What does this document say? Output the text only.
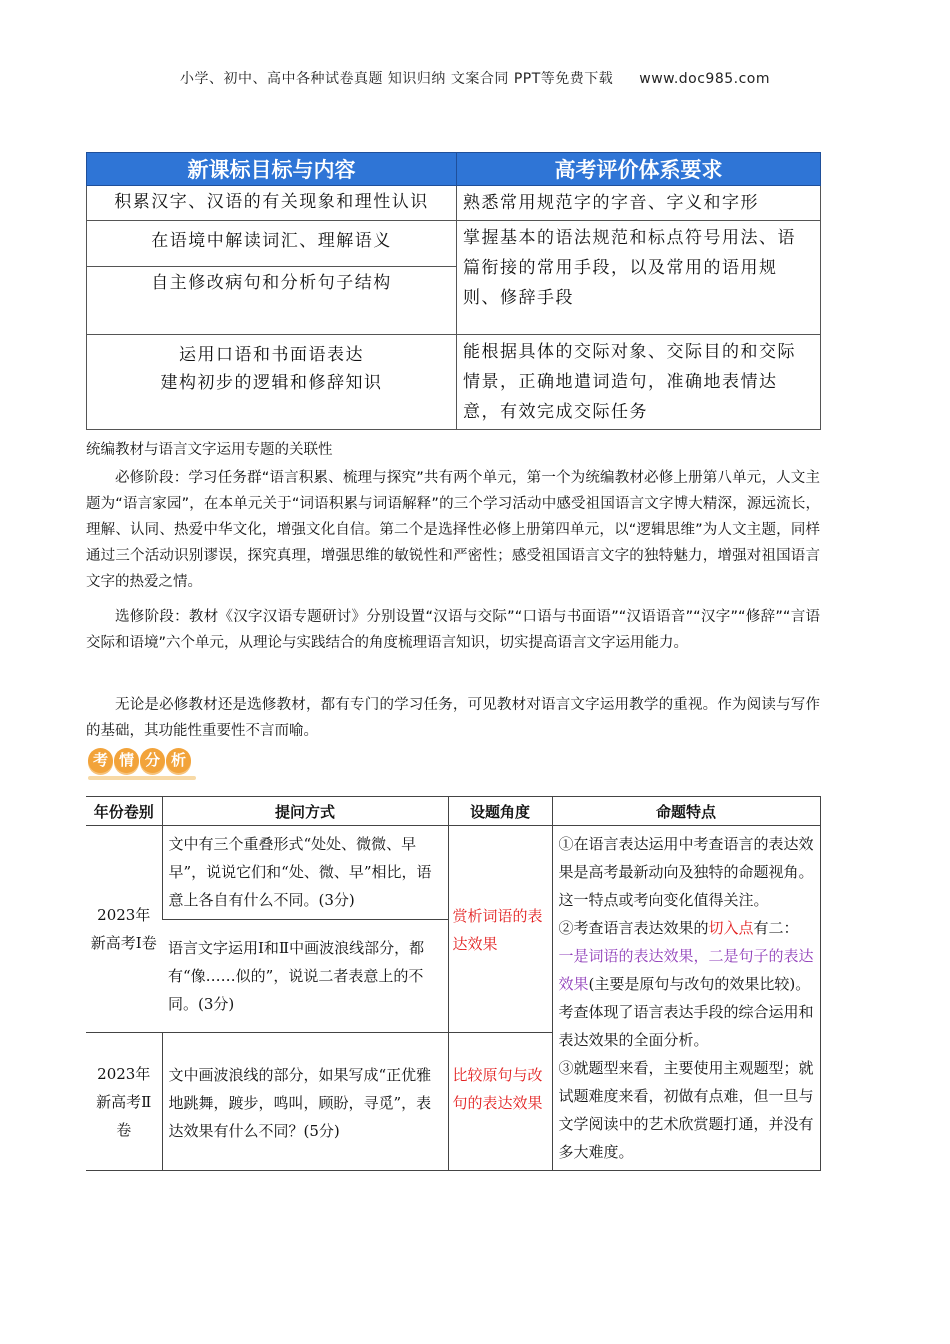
小学、初中、高中各种试卷真题 知识归纳 文案合同 PPT等免费下载 www.doc985.com
新课标目标与内容	高考评价体系要求
积累汉字、汉语的有关现象和理性认识	熟悉常用规范字的字音、字义和字形
在语境中解读词汇、理解语义	掌握基本的语法规范和标点符号用法、语篇衔接的常用手段，以及常用的语用规则、修辞手段
自主修改病句和分析句子结构	

运用口语和书面语表达
建构初步的逻辑和修辞知识	能根据具体的交际对象、交际目的和交际情景，正确地遣词造句，准确地表情达意，有效完成交际任务
统编教材与语言文字运用专题的关联性

必修阶段：学习任务群“语言积累、梳理与探究”共有两个单元，第一个为统编教材必修上册第八单元，人文主题为“语言家园”，在本单元关于“词语积累与词语解释”的三个学习活动中感受祖国语言文字博大精深，源远流长，理解、认同、热爱中华文化，增强文化自信。第二个是选择性必修上册第四单元，以“逻辑思维”为人文主题，同样通过三个活动识别谬误，探究真理，增强思维的敏锐性和严密性；感受祖国语言文字的独特魅力，增强对祖国语言文字的热爱之情。

选修阶段：教材《汉字汉语专题研讨》分别设置“汉语与交际”“口语与书面语”“汉语语音”“汉字”“修辞”“言语交际和语境”六个单元，从理论与实践结合的角度梳理语言知识，切实提高语言文字运用能力。

无论是必修教材还是选修教材，都有专门的学习任务，可见教材对语言文字运用教学的重视。作为阅读与写作的基础，其功能性重要性不言而喻。

考 情 分 析
年份卷别	提问方式	设题角度	命题特点
2023年新高考Ⅰ卷	文中有三个重叠形式“处处、微微、早早”，说说它们和“处、微、早”相比，语意上各自有什么不同。(3分)	赏析词语的表达效果	①在语言表达运用中考查语言的表达效果是高考最新动向及独特的命题视角。这一特点或考向变化值得关注。
②考查语言表达效果的切入点有二：一是词语的表达效果，二是句子的表达效果(主要是原句与改句的效果比较)。考查体现了语言表达手段的综合运用和表达效果的全面分析。
③就题型来看，主要使用主观题型；就试题难度来看，初做有点难，但一旦与文学阅读中的艺术欣赏题打通，并没有多大难度。
	语言文字运用Ⅰ和Ⅱ中画波浪线部分，都有“像……似的”，说说二者表意上的不同。(3分)		
2023年新高考Ⅱ卷	文中画波浪线的部分，如果写成“正优雅地跳舞，踱步，鸣叫，顾盼，寻觅”，表达效果有什么不同？(5分)	比较原句与改句的表达效果	
